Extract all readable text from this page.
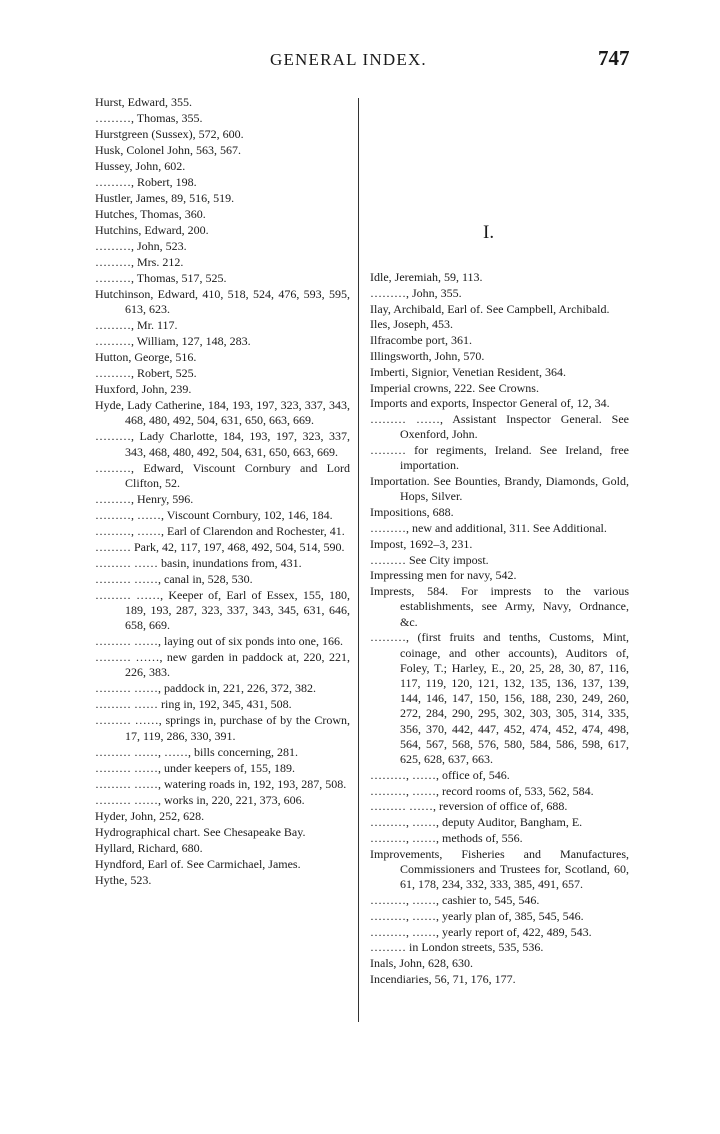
GENERAL INDEX.	747
I.

Hurst, Edward, 355.

………, Thomas, 355.

Hurstgreen (Sussex), 572, 600.

Husk, Colonel John, 563, 567.

Hussey, John, 602.

………, Robert, 198.

Hustler, James, 89, 516, 519.

Hutches, Thomas, 360.

Hutchins, Edward, 200.

………, John, 523.

………, Mrs. 212.

………, Thomas, 517, 525.

Hutchinson, Edward, 410, 518, 524, 476, 593, 595, 613, 623.

………, Mr. 117.

………, William, 127, 148, 283.

Hutton, George, 516.

………, Robert, 525.

Huxford, John, 239.

Hyde, Lady Catherine, 184, 193, 197, 323, 337, 343, 468, 480, 492, 504, 631, 650, 663, 669.

………, Lady Charlotte, 184, 193, 197, 323, 337, 343, 468, 480, 492, 504, 631, 650, 663, 669.

………, Edward, Viscount Cornbury and Lord Clifton, 52.

………, Henry, 596.

………, ……, Viscount Cornbury, 102, 146, 184.

………, ……, Earl of Clarendon and Rochester, 41.

……… Park, 42, 117, 197, 468, 492, 504, 514, 590.

……… …… basin, inundations from, 431.

……… ……, canal in, 528, 530.

……… ……, Keeper of, Earl of Essex, 155, 180, 189, 193, 287, 323, 337, 343, 345, 631, 646, 658, 669.

……… ……, laying out of six ponds into one, 166.

……… ……, new garden in paddock at, 220, 221, 226, 383.

……… ……, paddock in, 221, 226, 372, 382.

……… …… ring in, 192, 345, 431, 508.

……… ……, springs in, purchase of by the Crown, 17, 119, 286, 330, 391.

……… ……, ……, bills concerning, 281.

……… ……, under keepers of, 155, 189.

……… ……, watering roads in, 192, 193, 287, 508.

……… ……, works in, 220, 221, 373, 606.

Hyder, John, 252, 628.

Hydrographical chart. See Chesapeake Bay.

Hyllard, Richard, 680.

Hyndford, Earl of. See Carmichael, James.

Hythe, 523.

Idle, Jeremiah, 59, 113.

………, John, 355.

Ilay, Archibald, Earl of. See Campbell, Archibald.

Iles, Joseph, 453.

Ilfracombe port, 361.

Illingsworth, John, 570.

Imberti, Signior, Venetian Resident, 364.

Imperial crowns, 222. See Crowns.

Imports and exports, Inspector General of, 12, 34.

……… ……, Assistant Inspector General. See Oxenford, John.

……… for regiments, Ireland. See Ireland, free importation.

Importation. See Bounties, Brandy, Diamonds, Gold, Hops, Silver.

Impositions, 688.

………, new and additional, 311. See Additional.

Impost, 1692–3, 231.

……… See City impost.

Impressing men for navy, 542.

Imprests, 584. For imprests to the various establishments, see Army, Navy, Ordnance, &c.

………, (first fruits and tenths, Customs, Mint, coinage, and other accounts), Auditors of, Foley, T.; Harley, E., 20, 25, 28, 30, 87, 116, 117, 119, 120, 121, 132, 135, 136, 137, 139, 144, 146, 147, 150, 156, 188, 230, 249, 260, 272, 284, 290, 295, 302, 303, 305, 314, 335, 356, 370, 442, 447, 452, 474, 452, 474, 498, 564, 567, 568, 576, 580, 584, 586, 598, 617, 625, 628, 637, 663.

………, ……, office of, 546.

………, ……, record rooms of, 533, 562, 584.

……… ……, reversion of office of, 688.

………, ……, deputy Auditor, Bangham, E.

………, ……, methods of, 556.

Improvements, Fisheries and Manufactures, Commissioners and Trustees for, Scotland, 60, 61, 178, 234, 332, 333, 385, 491, 657.

………, ……, cashier to, 545, 546.

………, ……, yearly plan of, 385, 545, 546.

………, ……, yearly report of, 422, 489, 543.

……… in London streets, 535, 536.

Inals, John, 628, 630.

Incendiaries, 56, 71, 176, 177.
